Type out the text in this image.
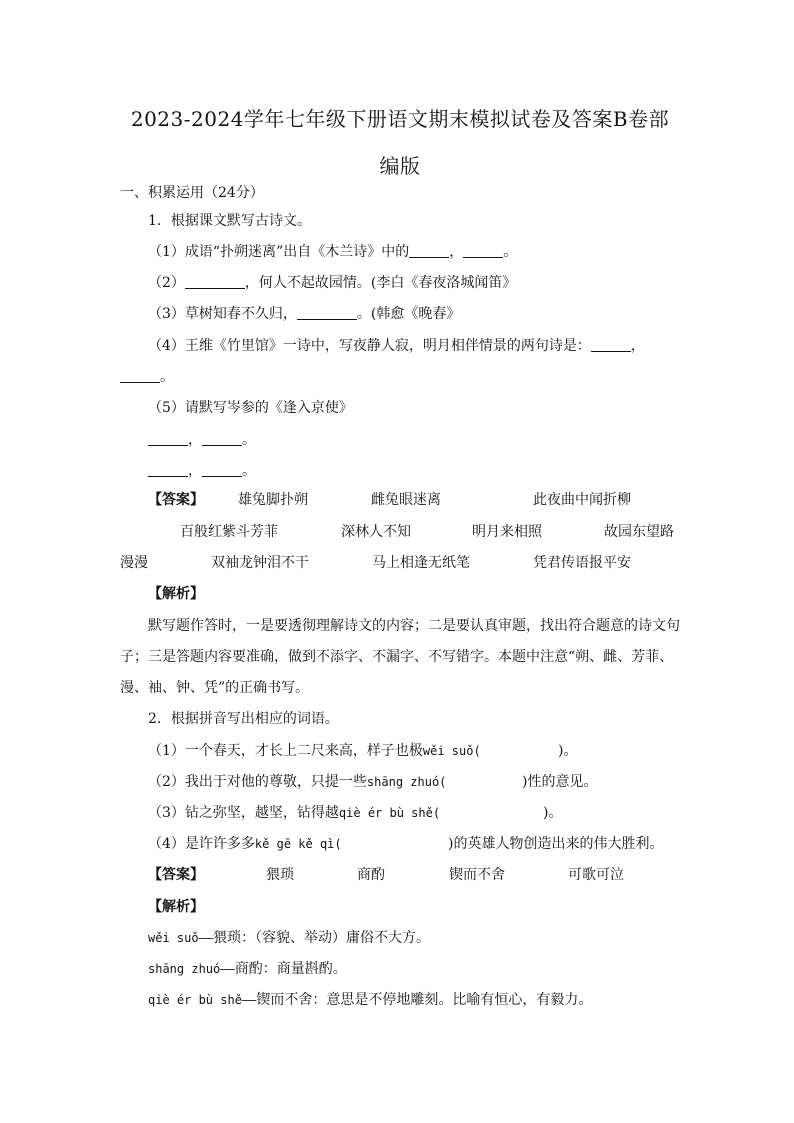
2023-2024学年七年级下册语文期末模拟试卷及答案B卷部
编版
一、积累运用（24分）
1．根据课文默写古诗文。
（1）成语“扑朔迷离”出自《木兰诗》中的	，	。
（2）	，何人不起故园情。(李白《春夜洛城闻笛》
（3）草树知春不久归，	。(韩愈《晚春》
（4）王维《竹里馆》一诗中，写夜静人寂，明月相伴情景的两句诗是：	，
。
（5）请默写岑参的《逢入京使》
，	。
，	。
【答案】 雄兔脚扑朔	雌兔眼迷离	此夜曲中闻折柳
百般红紫斗芳菲	深林人不知	明月来相照	故园东望路
漫漫	双袖龙钟泪不干	马上相逢无纸笔	凭君传语报平安
【解析】
默写题作答时，一是要透彻理解诗文的内容；二是要认真审题，找出符合题意的诗文句
子；三是答题内容要准确，做到不添字、不漏字、不写错字。本题中注意“朔、雌、芳菲、
漫、袖、钟、凭”的正确书写。
2．根据拼音写出相应的词语。
（1）一个春天，才长上二尺来高，样子也极wěi suǒ(	)。
（2）我出于对他的尊敬，只提一些shāng zhuó(	)性的意见。
（3）钻之弥坚，越坚，钻得越qiè ér bù shě(	)。
（4）是许许多多kě gē kě qì(	)的英雄人物创造出来的伟大胜利。
【答案】	猥琐	商酌	锲而不舍	可歌可泣
【解析】
wěi suǒ——猥琐：（容貌、举动）庸俗不大方。
shāng zhuó——商酌：商量斟酌。
qiè ér bù shě——锲而不舍：意思是不停地雕刻。比喻有恒心，有毅力。
